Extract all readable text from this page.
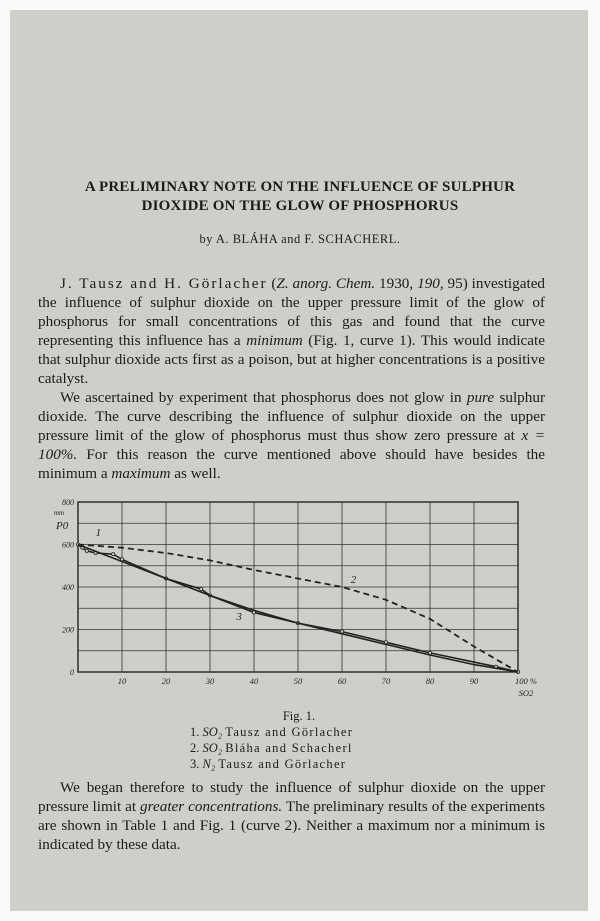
A PRELIMINARY NOTE ON THE INFLUENCE OF SULPHUR
DIOXIDE ON THE GLOW OF PHOSPHORUS
by A. BLÁHA and F. SCHACHERL.

J. Tausz and H. Görlacher (Z. anorg. Chem. 1930, 190, 95) investigated the influence of sulphur dioxide on the upper pressure limit of the glow of phosphorus for small concentrations of this gas and found that the curve representing this influence has a minimum (Fig. 1, curve 1). This would indicate that sulphur dioxide acts first as a poison, but at higher concentrations is a positive catalyst.

We ascertained by experiment that phosphorus does not glow in pure sulphur dioxide. The curve describing the influence of sulphur dioxide on the upper pressure limit of the glow of phosphorus must thus show zero pressure at x = 100%. For this reason the curve mentioned above should have besides the minimum a maximum as well.

0
200
400
600
800
P0
mm
10	20	30	40	50	60	70	80	90	100 %
SO2
1
2
3
Fig. 1.
1. SO₂ Tausz and Görlacher
2. SO₂ Bláha and Schacherl
3. N₂ Tausz and Görlacher

We began therefore to study the influence of sulphur dioxide on the upper pressure limit at greater concentrations. The preliminary results of the experiments are shown in Table 1 and Fig. 1 (curve 2). Neither a maximum nor a minimum is indicated by these data.
